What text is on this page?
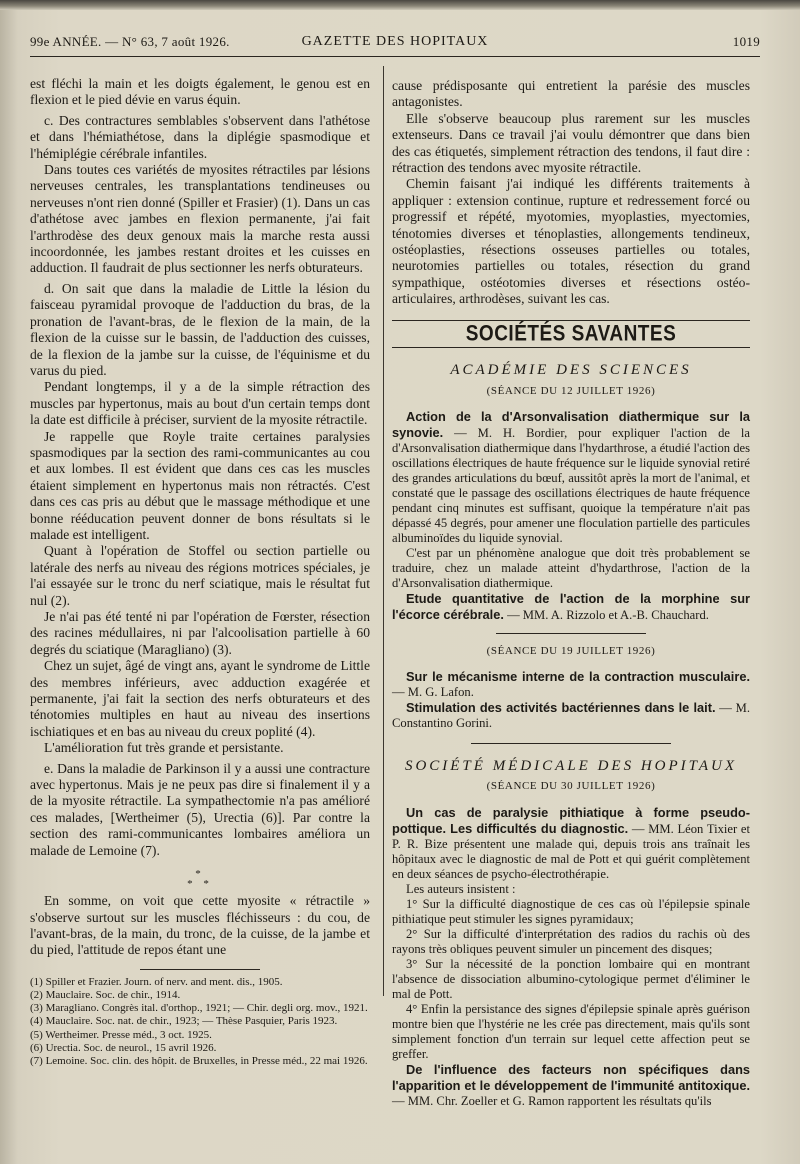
99e ANNÉE. — N° 63, 7 août 1926.	GAZETTE DES HOPITAUX	1019

est fléchi la main et les doigts également, le genou est en flexion et le pied dévie en varus équin.

c. Des contractures semblables s'observent dans l'athétose et dans l'hémiathétose, dans la diplégie spasmodique et l'hémiplégie cérébrale infantiles.

Dans toutes ces variétés de myosites rétractiles par lésions nerveuses centrales, les transplantations tendineuses ou nerveuses n'ont rien donné (Spiller et Frasier) (1). Dans un cas d'athétose avec jambes en flexion permanente, j'ai fait l'arthrodèse des deux genoux mais la marche resta aussi incoordonnée, les jambes restant droites et les cuisses en adduction. Il faudrait de plus sectionner les nerfs obturateurs.

d. On sait que dans la maladie de Little la lésion du faisceau pyramidal provoque de l'adduction du bras, de la pronation de l'avant-bras, de le flexion de la main, de la flexion de la cuisse sur le bassin, de l'adduction des cuisses, de la flexion de la jambe sur la cuisse, de l'équinisme et du varus du pied.

Pendant longtemps, il y a de la simple rétraction des muscles par hypertonus, mais au bout d'un certain temps dont la date est difficile à préciser, survient de la myosite rétractile.

Je rappelle que Royle traite certaines paralysies spasmodiques par la section des rami-communicantes au cou et aux lombes. Il est évident que dans ces cas les muscles étaient simplement en hypertonus mais non rétractés. C'est dans ces cas pris au début que le massage méthodique et une bonne rééducation peuvent donner de bons résultats si le malade est intelligent.

Quant à l'opération de Stoffel ou section partielle ou latérale des nerfs au niveau des régions motrices spéciales, je l'ai essayée sur le tronc du nerf sciatique, mais le résultat fut nul (2).

Je n'ai pas été tenté ni par l'opération de Fœrster, résection des racines médullaires, ni par l'alcoolisation partielle à 60 degrés du sciatique (Maragliano) (3).

Chez un sujet, âgé de vingt ans, ayant le syndrome de Little des membres inférieurs, avec adduction exagérée et permanente, j'ai fait la section des nerfs obturateurs et des ténotomies multiples en haut au niveau des insertions ischiatiques et en bas au niveau du creux poplité (4).

L'amélioration fut très grande et persistante.

e. Dans la maladie de Parkinson il y a aussi une contracture avec hypertonus. Mais je ne peux pas dire si finalement il y a de la myosite rétractile. La sympathectomie n'a pas amélioré ces malades, [Wertheimer (5), Urectia (6)]. Par contre la section des rami-communicantes lombaires améliora un malade de Lemoine (7).

*
* *

En somme, on voit que cette myosite « rétractile » s'observe surtout sur les muscles fléchisseurs : du cou, de l'avant-bras, de la main, du tronc, de la cuisse, de la jambe et du pied, l'attitude de repos étant une

(1) Spiller et Frazier. Journ. of nerv. and ment. dis., 1905.

(2) Mauclaire. Soc. de chir., 1914.

(3) Maragliano. Congrès ital. d'orthop., 1921; — Chir. degli org. mov., 1921.

(4) Mauclaire. Soc. nat. de chir., 1923; — Thèse Pasquier, Paris 1923.

(5) Wertheimer. Presse méd., 3 oct. 1925.

(6) Urectia. Soc. de neurol., 15 avril 1926.

(7) Lemoine. Soc. clin. des hôpit. de Bruxelles, in Presse méd., 22 mai 1926.

cause prédisposante qui entretient la parésie des muscles antagonistes.

Elle s'observe beaucoup plus rarement sur les muscles extenseurs. Dans ce travail j'ai voulu démontrer que dans bien des cas étiquetés, simplement rétraction des tendons, il faut dire : rétraction des tendons avec myosite rétractile.

Chemin faisant j'ai indiqué les différents traitements à appliquer : extension continue, rupture et redressement forcé ou progressif et répété, myotomies, myoplasties, myectomies, ténotomies diverses et ténoplasties, allongements tendineux, ostéoplasties, résections osseuses partielles ou totales, neurotomies partielles ou totales, résection du grand sympathique, ostéotomies diverses et résections ostéo-articulaires, arthrodèses, suivant les cas.

SOCIÉTÉS SAVANTES
ACADÉMIE DES SCIENCES
(SÉANCE DU 12 JUILLET 1926)

Action de la d'Arsonvalisation diathermique sur la synovie. — M. H. Bordier, pour expliquer l'action de la d'Arsonvalisation diathermique dans l'hydarthrose, a étudié l'action des oscillations électriques de haute fréquence sur le liquide synovial retiré des grandes articulations du bœuf, aussitôt après la mort de l'animal, et constaté que le passage des oscillations électriques de haute fréquence pendant cinq minutes est suffisant, quoique la température n'ait pas dépassé 45 degrés, pour amener une floculation partielle des particules albuminoïdes du liquide synovial.

C'est par un phénomène analogue que doit très probablement se traduire, chez un malade atteint d'hydarthrose, l'action de la d'Arsonvalisation diathermique.

Etude quantitative de l'action de la morphine sur l'écorce cérébrale. — MM. A. Rizzolo et A.-B. Chauchard.

(SÉANCE DU 19 JUILLET 1926)

Sur le mécanisme interne de la contraction musculaire. — M. G. Lafon.

Stimulation des activités bactériennes dans le lait. — M. Constantino Gorini.

SOCIÉTÉ MÉDICALE DES HOPITAUX
(SÉANCE DU 30 JUILLET 1926)

Un cas de paralysie pithiatique à forme pseudo-pottique. Les difficultés du diagnostic. — MM. Léon Tixier et P. R. Bize présentent une malade qui, depuis trois ans traînait les hôpitaux avec le diagnostic de mal de Pott et qui guérit complètement en deux séances de psycho-électrothérapie.

Les auteurs insistent :

1° Sur la difficulté diagnostique de ces cas où l'épilepsie spinale pithiatique peut stimuler les signes pyramidaux;

2° Sur la difficulté d'interprétation des radios du rachis où des rayons très obliques peuvent simuler un pincement des disques;

3° Sur la nécessité de la ponction lombaire qui en montrant l'absence de dissociation albumino-cytologique permet d'éliminer le mal de Pott.

4° Enfin la persistance des signes d'épilepsie spinale après guérison montre bien que l'hystérie ne les crée pas directement, mais qu'ils sont simplement fonction d'un terrain sur lequel cette affection peut se greffer.

De l'influence des facteurs non spécifiques dans l'apparition et le développement de l'immunité antitoxique. — MM. Chr. Zoeller et G. Ramon rapportent les résultats qu'ils
